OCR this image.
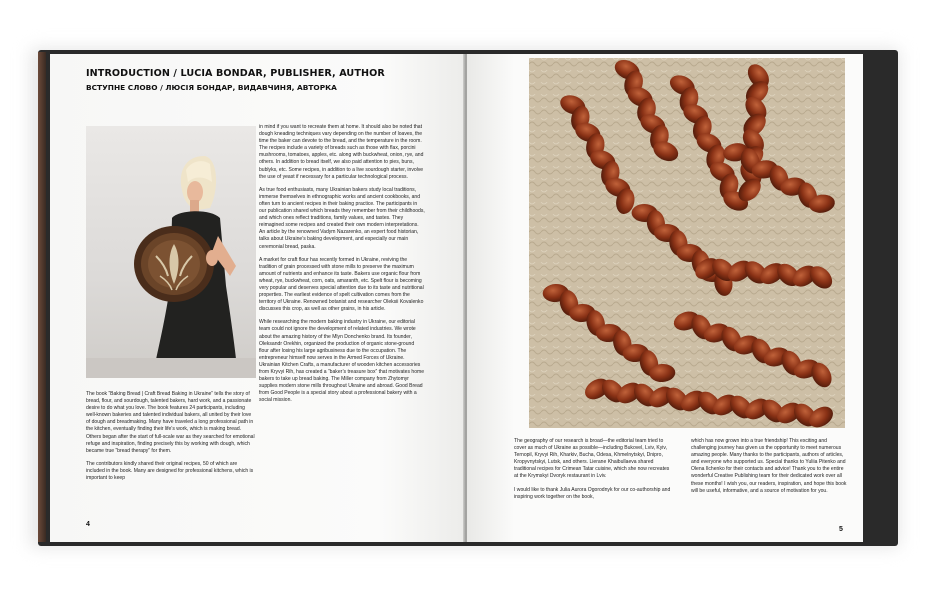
INTRODUCTION / LUCIA BONDAR, PUBLISHER, AUTHOR
ВСТУПНЕ СЛОВО / ЛЮСІЯ БОНДАР, ВИДАВЧИНЯ, АВТОРКА

The book “Baking Bread | Craft Bread Baking in Ukraine” tells the story of bread, flour, and sourdough, talented bakers, hard work, and a passionate desire to do what you love. The book features 24 participants, including well-known bakeries and talented individual bakers, all united by their love of dough and breadmaking. Many have traveled a long professional path in the kitchen, eventually finding their life’s work, which is making bread. Others began after the start of full-scale war as they searched for emotional refuge and inspiration, finding precisely this by working with dough, which became true “bread therapy” for them.

The contributors kindly shared their original recipes, 50 of which are included in the book. Many are designed for professional kitchens, which is important to keep

in mind if you want to recreate them at home. It should also be noted that dough kneading techniques vary depending on the number of loaves, the time the baker can devote to the bread, and the temperature in the room. The recipes include a variety of breads such as those with flax, porcini mushrooms, tomatoes, apples, etc. along with buckwheat, onion, rye, and others. In addition to bread itself, we also paid attention to pies, buns, bublyks, etc. Some recipes, in addition to a live sourdough starter, involve the use of yeast if necessary for a particular technological process.

As true food enthusiasts, many Ukrainian bakers study local traditions, immerse themselves in ethnographic works and ancient cookbooks, and often turn to ancient recipes in their baking practice. The participants in our publication shared which breads they remember from their childhoods, and which ones reflect traditions, family values, and tastes. They reimagined some recipes and created their own modern interpretations. An article by the renowned Vadym Nazarenko, an expert food historian, talks about Ukraine’s baking development, and especially our main ceremonial bread, paska.

A market for craft flour has recently formed in Ukraine, reviving the tradition of grain processed with stone mills to preserve the maximum amount of nutrients and enhance its taste. Bakers use organic flour from wheat, rye, buckwheat, corn, oats, amaranth, etc. Spelt flour is becoming very popular and deserves special attention due to its taste and nutritional properties. The earliest evidence of spelt cultivation comes from the territory of Ukraine. Renowned botanist and researcher Oleksii Kovalenko discusses this crop, as well as other grains, in his article.

While researching the modern baking industry in Ukraine, our editorial team could not ignore the development of related industries. We wrote about the amazing history of the Mlyn Donchenko brand. Its founder, Oleksandr Orekhin, organized the production of organic stone-ground flour after losing his large agribusiness due to the occupation. The entrepreneur himself now serves in the Armed Forces of Ukraine. Ukrainian Kitchen Crafts, a manufacturer of wooden kitchen accessories from Kryvyi Rih, has created a “baker’s treasure box” that motivates home bakers to take up bread baking. The Miller company from Zhytomyr supplies modern stone mills throughout Ukraine and abroad. Good Bread from Good People is a special story about a professional bakery with a social mission.

4

The geography of our research is broad—the editorial team tried to cover as much of Ukraine as possible—including Bukovel, Lviv, Kyiv, Ternopil, Kryvyi Rih, Kharkiv, Bucha, Odesa, Khmelnytskyi, Dnipro, Kropyvnytskyi, Lutsk, and others. Lierane Khaibullaeva shared traditional recipes for Crimean Tatar cuisine, which she now recreates at the Krymskyi Dvoryk restaurant in Lviv.

I would like to thank Julia Aurora Ogorodnyk for our co-authorship and inspiring work together on the book,

which has now grown into a true friendship! This exciting and challenging journey has given us the opportunity to meet numerous amazing people. Many thanks to the participants, authors of articles, and everyone who supported us. Special thanks to Yuliia Pitenko and Olena Ilchenko for their contacts and advice! Thank you to the entire wonderful Creative Publishing team for their dedicated work over all these months! I wish you, our readers, inspiration, and hope this book will be useful, informative, and a source of motivation for you.

5
